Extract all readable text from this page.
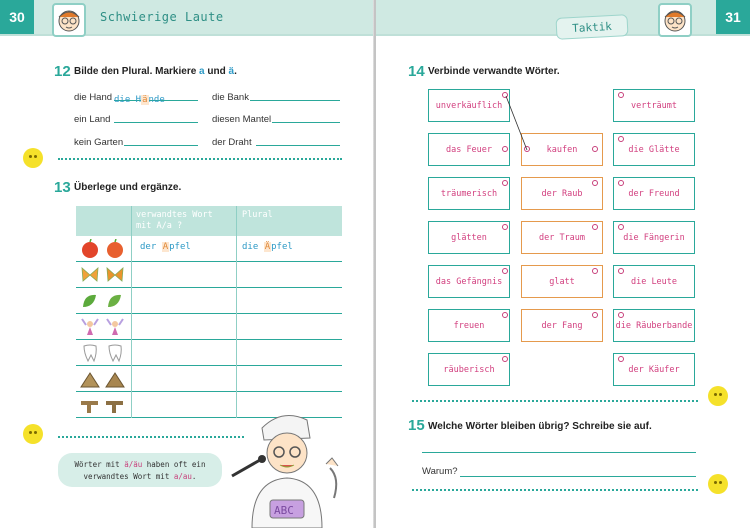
30	Schwierige Laute
12 Bilde den Plural. Markiere a und ä.
die Hand die Hände	die Bank
ein Land	diesen Mantel
kein Garten	der Draht
13 Überlege und ergänze.
verwandtes Wort
mit A/a ?
Plural
der Apfel	die Äpfel
Wörter mit ä/äu haben oft ein verwandtes Wort mit a/au.
ABC
Taktik
31
14 Verbinde verwandte Wörter.
unverkäuflich
das Feuer
träumerisch
glätten
das Gefängnis
freuen
räuberisch
kaufen
der Raub
der Traum
glatt
der Fang
verträumt
die Glätte
der Freund
die Fängerin
die Leute
die Räuberbande
der Käufer
15 Welche Wörter bleiben übrig? Schreibe sie auf.
Warum?
